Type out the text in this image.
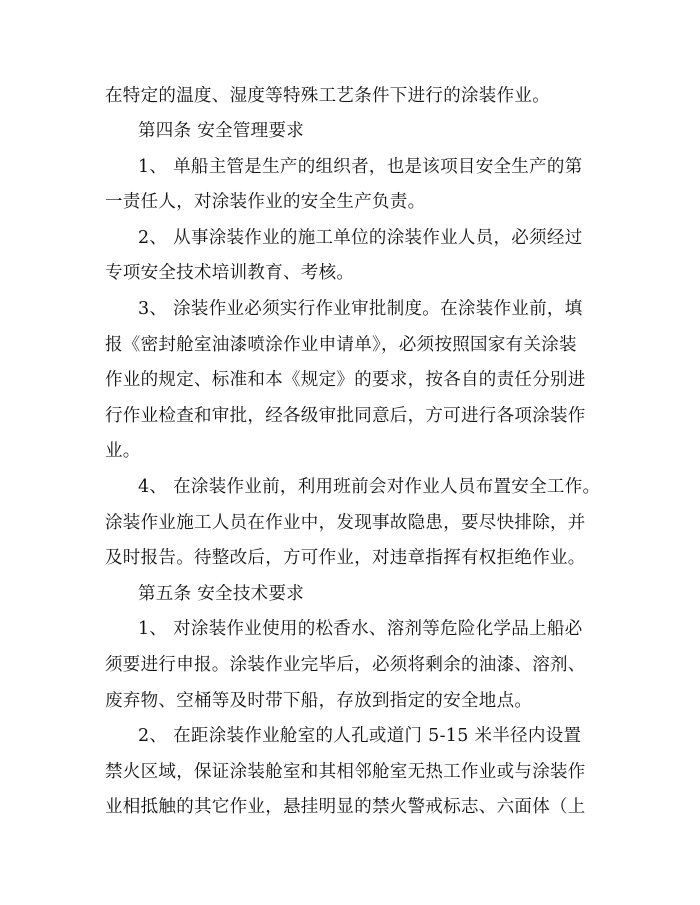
在特定的温度、湿度等特殊工艺条件下进行的涂装作业。
第四条 安全管理要求
1、 单船主管是生产的组织者，也是该项目安全生产的第
一责任人，对涂装作业的安全生产负责。
2、 从事涂装作业的施工单位的涂装作业人员，必须经过
专项安全技术培训教育、考核。
3、 涂装作业必须实行作业审批制度。在涂装作业前，填
报《密封舱室油漆喷涂作业申请单》，必须按照国家有关涂装
作业的规定、标准和本《规定》的要求，按各自的责任分别进
行作业检查和审批，经各级审批同意后，方可进行各项涂装作
业。
4、 在涂装作业前，利用班前会对作业人员布置安全工作。
涂装作业施工人员在作业中，发现事故隐患，要尽快排除，并
及时报告。待整改后，方可作业，对违章指挥有权拒绝作业。
第五条 安全技术要求
1、 对涂装作业使用的松香水、溶剂等危险化学品上船必
须要进行申报。涂装作业完毕后，必须将剩余的油漆、溶剂、
废弃物、空桶等及时带下船，存放到指定的安全地点。
2、 在距涂装作业舱室的人孔或道门 5-15 米半径内设置
禁火区域，保证涂装舱室和其相邻舱室无热工作业或与涂装作
业相抵触的其它作业，悬挂明显的禁火警戒标志、六面体（上
